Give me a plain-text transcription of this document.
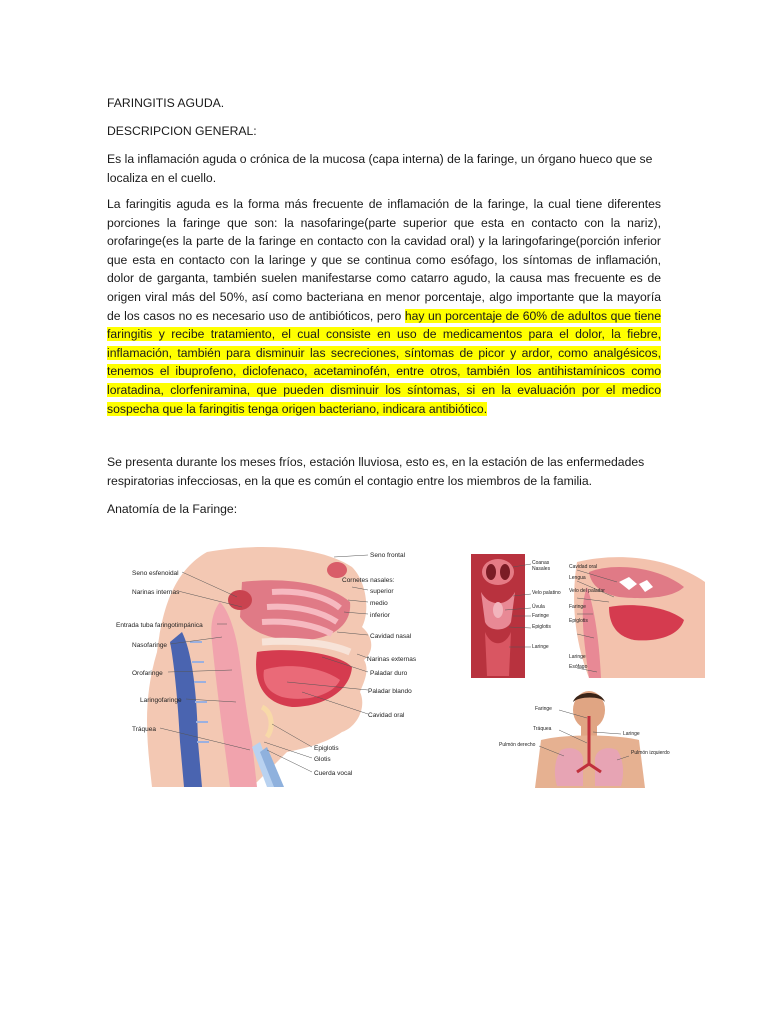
FARINGITIS AGUDA.
DESCRIPCION GENERAL:

Es la inflamación aguda o crónica de la mucosa (capa interna) de la faringe, un órgano hueco que se localiza en el cuello.

La faringitis aguda es la forma más frecuente de inflamación de la faringe, la cual tiene diferentes porciones la faringe que son: la nasofaringe(parte superior que esta en contacto con la nariz), orofaringe(es la parte de la faringe en contacto con la cavidad oral) y la laringofaringe(porción inferior que esta en contacto con la laringe y que se continua como esófago, los síntomas de inflamación, dolor de garganta, también suelen manifestarse como catarro agudo, la causa mas frecuente es de origen viral más del 50%, así como bacteriana en menor porcentaje, algo importante que la mayoría de los casos no es necesario uso de antibióticos, pero hay un porcentaje de 60% de adultos que tiene faringitis y recibe tratamiento, el cual consiste en uso de medicamentos para el dolor, la fiebre, inflamación, también para disminuir las secreciones, síntomas de picor y ardor, como analgésicos, tenemos el ibuprofeno, diclofenaco, acetaminofén, entre otros, también los antihistamínicos como loratadina, clorfeniramina, que pueden disminuir los síntomas, si en la evaluación por el medico sospecha que la faringitis tenga origen bacteriano, indicara antibiótico.

Se presenta durante los meses fríos, estación lluviosa, esto es, en la estación de las enfermedades respiratorias infecciosas, en la que es común el contagio entre los miembros de la familia.

Anatomía de la Faringe:
Seno esfenoidal
Narinas internas
Entrada tuba faringotimpánica
Nasofaringe
Orofaringe
Laringofaringe
Tráquea
Seno frontal
Cornetes nasales:
superior
medio
inferior
Cavidad nasal
Narinas externas
Paladar duro
Paladar blando
Cavidad oral
Epiglotis
Glotis
Cuerda vocal
Coanas
Nasales
Velo palatino
Úvula
Faringe
Epiglotis
Laringe
Cavidad oral
Lengua
Velo del paladar
Faringe
Epiglotis
Laringe
Esófago
Faringe
Tráquea
Pulmón derecho
Laringe
Pulmón izquierdo
